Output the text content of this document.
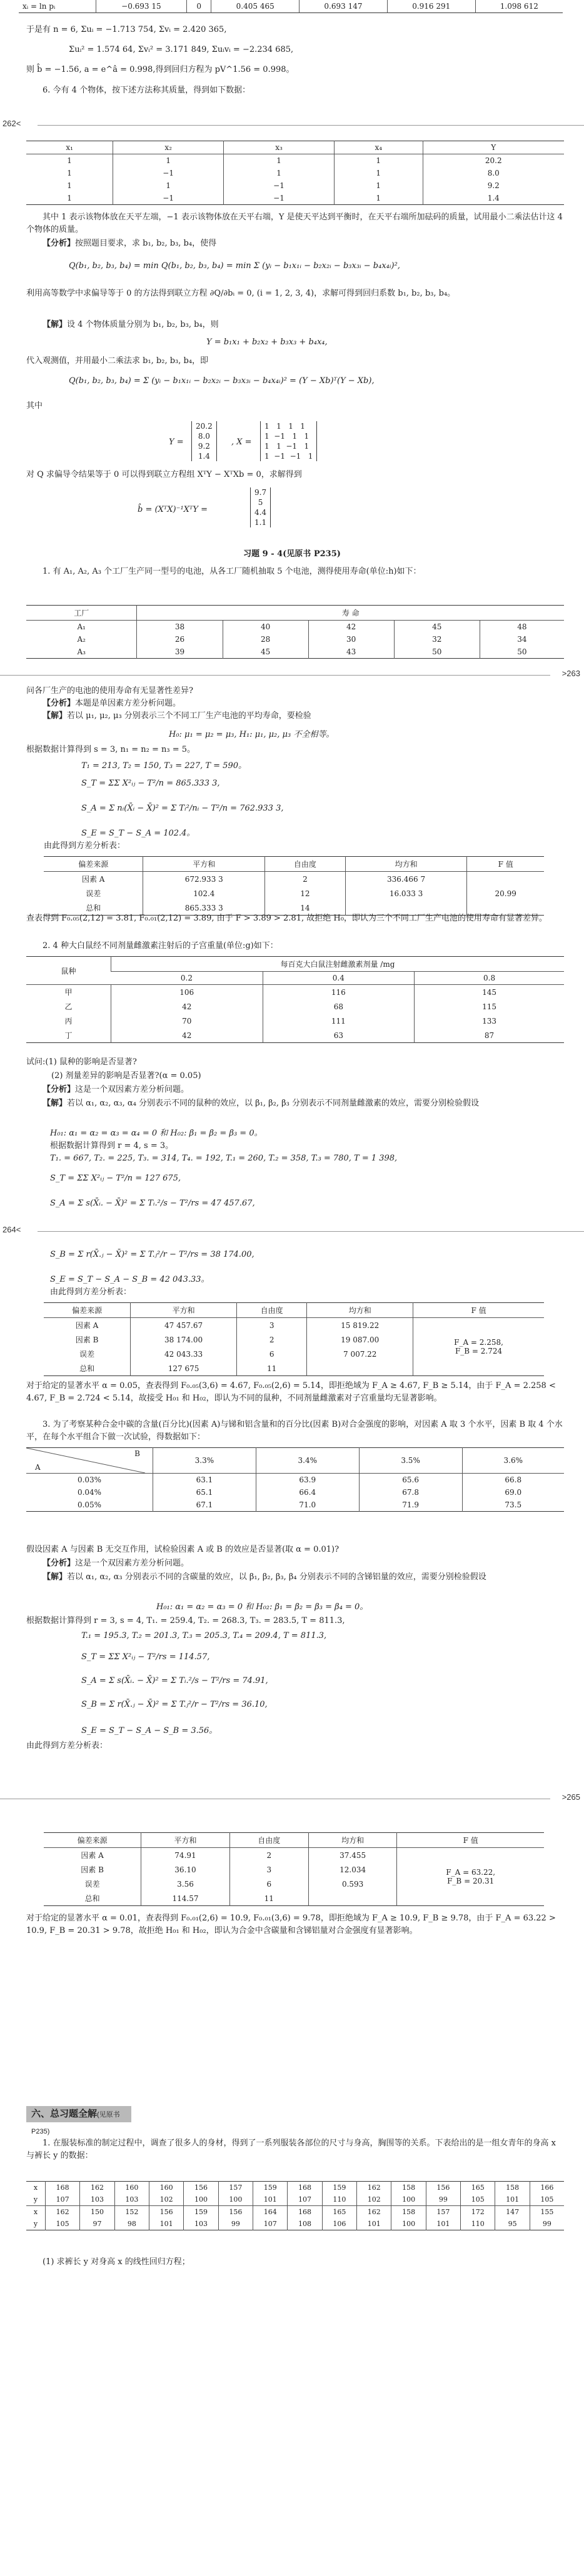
xᵢ = ln pᵢ	−0.693 15	0	0.405 465	0.693 147	0.916 291	1.098 612
于是有 n = 6, Σuᵢ = −1.713 754, Σvᵢ = 2.420 365,
Σuᵢ² = 1.574 64, Σvᵢ² = 3.171 849, Σuᵢvᵢ = −2.234 685,
则 b̂ = −1.56, a = e^â = 0.998,得到回归方程为 pV^1.56 = 0.998。
6. 今有 4 个物体，按下述方法称其质量，得到如下数据：
262<
x₁	x₂	x₃	x₄	Y
1	1	1	1	20.2
1	−1	1	1	8.0
1	1	−1	1	9.2
1	−1	−1	1	1.4
其中 1 表示该物体放在天平左端，−1 表示该物体放在天平右端，Y 是使天平达到平衡时，在天平右端所加砝码的质量，试用最小二乘法估计这 4 个物体的质量。
【分析】按照题目要求，求 b₁, b₂, b₃, b₄，使得
Q(b₁, b₂, b₃, b₄) = min Q(b₁, b₂, b₃, b₄) = min Σ (yᵢ − b₁x₁ᵢ − b₂x₂ᵢ − b₃x₃ᵢ − b₄x₄ᵢ)²,
利用高等数学中求偏导等于 0 的方法得到联立方程 ∂Q/∂bᵢ = 0, (i = 1, 2, 3, 4)，求解可得到回归系数 b₁, b₂, b₃, b₄。
【解】设 4 个物体质量分别为 b₁, b₂, b₃, b₄，则
Y = b₁x₁ + b₂x₂ + b₃x₃ + b₄x₄,
代入观测值，并用最小二乘法求 b₁, b₂, b₃, b₄，即
Q(b₁, b₂, b₃, b₄) = Σ (yᵢ − b₁x₁ᵢ − b₂x₂ᵢ − b₃x₃ᵢ − b₄x₄ᵢ)² = (Y − Xb)ᵀ(Y − Xb),
其中
Y =
20.2
8.0
9.2
1.4
, X =
1 1 1 1
1 −1 1 1
1 1 −1 1
1 −1 −1 1
对 Q 求偏导令结果等于 0 可以得到联立方程组 XᵀY − XᵀXb = 0，求解得到
b̂ = (XᵀX)⁻¹XᵀY =
9.7
5
4.4
1.1
习题 9 - 4(见原书 P235)
1. 有 A₁, A₂, A₃ 个工厂生产同一型号的电池，从各工厂随机抽取 5 个电池，测得使用寿命(单位:h)如下：
工厂	寿 命				
A₁	38	40	42	45	48
A₂	26	28	30	32	34
A₃	39	45	43	50	50
>263
问各厂生产的电池的使用寿命有无显著性差异?
【分析】本题是单因素方差分析问题。
【解】若以 μ₁, μ₂, μ₃ 分别表示三个不同工厂生产电池的平均寿命，要检验
H₀: μ₁ = μ₂ = μ₃, H₁: μ₁, μ₂, μ₃ 不全相等。
根据数据计算得到 s = 3, n₁ = n₂ = n₃ = 5。
T₁ = 213, T₂ = 150, T₃ = 227, T = 590。
S_T = ΣΣ X²ᵢⱼ − T²/n = 865.333 3,
S_A = Σ nᵢ(X̄ᵢ − X̄)² = Σ Tᵢ²/nᵢ − T²/n = 762.933 3,
S_E = S_T − S_A = 102.4。
由此得到方差分析表：
偏差来源	平方和	自由度	均方和	F 值
因素 A	672.933 3	2	336.466 7	20.99
误差	102.4	12	16.033 3	
总和	865.333 3	14		
查表得到 F₀.₀₅(2,12) = 3.81, F₀.₀₁(2,12) = 3.89, 由于 F > 3.89 > 2.81, 故拒绝 H₀，即认为三个不同工厂生产电池的使用寿命有显著差异。
2. 4 种大白鼠经不同剂量雌激素注射后的子宫重量(单位:g)如下：
鼠种	每百克大白鼠注射雌激素剂量 /mg		
	0.2	0.4	0.8
甲	106	116	145
乙	42	68	115
丙	70	111	133
丁	42	63	87
试问:(1) 鼠种的影响是否显著?
(2) 剂量差异的影响是否显著?(α = 0.05)
【分析】这是一个双因素方差分析问题。
【解】若以 α₁, α₂, α₃, α₄ 分别表示不同的鼠种的效应，以 β₁, β₂, β₃ 分别表示不同剂量雌激素的效应，需要分别检验假设
H₀₁: α₁ = α₂ = α₃ = α₄ = 0 和 H₀₂: β₁ = β₂ = β₃ = 0。
根据数据计算得到 r = 4, s = 3。
T₁. = 667, T₂. = 225, T₃. = 314, T₄. = 192, T.₁ = 260, T.₂ = 358, T.₃ = 780, T = 1 398,
S_T = ΣΣ X²ᵢⱼ − T²/n = 127 675,
S_A = Σ s(X̄ᵢ. − X̄)² = Σ Tᵢ.²/s − T²/rs = 47 457.67,
264<
S_B = Σ r(X̄.ⱼ − X̄)² = Σ T.ⱼ²/r − T²/rs = 38 174.00,
S_E = S_T − S_A − S_B = 42 043.33。
由此得到方差分析表：
偏差来源	平方和	自由度	均方和	F 值
因素 A	47 457.67	3	15 819.22	F_A = 2.258,
F_B = 2.724

因素 B	38 174.00	2	19 087.00	
误差	42 043.33	6	7 007.22	
总和	127 675	11		
对于给定的显著水平 α = 0.05，查表得到 F₀.₀₅(3,6) = 4.67, F₀.₀₅(2,6) = 5.14，即拒绝域为 F_A ≥ 4.67, F_B ≥ 5.14，由于 F_A = 2.258 < 4.67, F_B = 2.724 < 5.14，故接受 H₀₁ 和 H₀₂，即认为不同的鼠种，不同剂量雌激素对子宫重量均无显著影响。
3. 为了考察某种合金中碳的含量(百分比)(因素 A)与锑和铝含量和的百分比(因素 B)对合金强度的影响，对因素 A 取 3 个水平，因素 B 取 4 个水平，在每个水平组合下做一次试验，得数据如下：
B
A	3.3%	3.4%	3.5%	3.6%
0.03%	63.1	63.9	65.6	66.8
0.04%	65.1	66.4	67.8	69.0
0.05%	67.1	71.0	71.9	73.5
假设因素 A 与因素 B 无交互作用，试检验因素 A 或 B 的效应是否显著(取 α = 0.01)?
【分析】这是一个双因素方差分析问题。
【解】若以 α₁, α₂, α₃ 分别表示不同的含碳量的效应，以 β₁, β₂, β₃, β₄ 分别表示不同的含锑铝量的效应，需要分别检验假设
H₀₁: α₁ = α₂ = α₃ = 0 和 H₀₂: β₁ = β₂ = β₃ = β₄ = 0。
根据数据计算得到 r = 3, s = 4, T₁. = 259.4, T₂. = 268.3, T₃. = 283.5, T = 811.3,
T.₁ = 195.3, T.₂ = 201.3, T.₃ = 205.3, T.₄ = 209.4, T = 811.3,
S_T = ΣΣ X²ᵢⱼ − T²/rs = 114.57,
S_A = Σ s(X̄ᵢ. − X̄)² = Σ Tᵢ.²/s − T²/rs = 74.91,
S_B = Σ r(X̄.ⱼ − X̄)² = Σ T.ⱼ²/r − T²/rs = 36.10,
S_E = S_T − S_A − S_B = 3.56。
由此得到方差分析表：
>265
偏差来源	平方和	自由度	均方和	F 值
因素 A	74.91	2	37.455	F_A = 63.22,
F_B = 20.31

因素 B	36.10	3	12.034	
误差	3.56	6	0.593	
总和	114.57	11		
对于给定的显著水平 α = 0.01，查表得到 F₀.₀₁(2,6) = 10.9, F₀.₀₁(3,6) = 9.78，即拒绝域为 F_A ≥ 10.9, F_B ≥ 9.78，由于 F_A = 63.22 > 10.9, F_B = 20.31 > 9.78，故拒绝 H₀₁ 和 H₀₂，即认为合金中含碳量和含锑铝量对合金强度有显著影响。
六、总习题全解(见原书 P235)
1. 在服装标准的制定过程中，调查了很多人的身材，得到了一系列服装各部位的尺寸与身高，胸围等的关系。下表给出的是一组女青年的身高 x 与裤长 y 的数据：
x	168	162	160	160	156	157	159	168	159	162	158	156	165	158	166
y	107	103	103	102	100	100	101	107	110	102	100	99	105	101	105
x	162	150	152	156	159	156	164	168	165	162	158	157	172	147	155
y	105	97	98	101	103	99	107	108	106	101	100	101	110	95	99
(1) 求裤长 y 对身高 x 的线性回归方程；
